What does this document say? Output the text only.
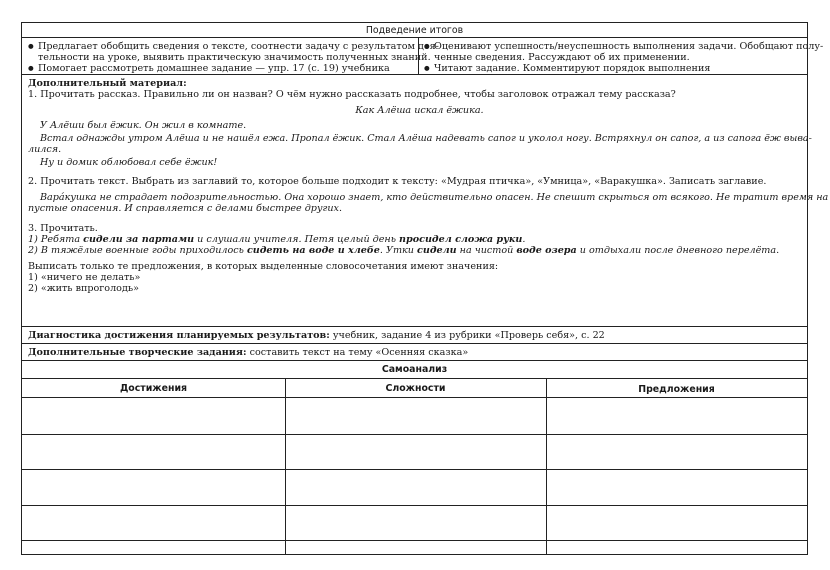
Подведение итогов
● Предлагает обобщить сведения о тексте, соотнести задачу с результатом дея-
тельности на уроке, выявить практическую значимость полученных знаний.
● Помогает рассмотреть домашнее задание — упр. 17 (с. 19) учебника
● Оценивают успешность/неуспешность выполнения задачи. Обобщают полу-
ченные сведения. Рассуждают об их применении.
● Читают задание. Комментируют порядок выполнения
Дополнительный материал:
1. Прочитать рассказ. Правильно ли он назван? О чём нужно рассказать подробнее, чтобы заголовок отражал тему рассказа?
Как Алёша искал ёжика.
У Алёши был ёжик. Он жил в комнате.
Встал однажды утром Алёша и не нашёл ежа. Пропал ёжик. Стал Алёша надевать сапог и уколол ногу. Встряхнул он сапог, а из сапога ёж выва-
лился.
Ну и домик облюбовал себе ёжик!
2. Прочитать текст. Выбрать из заглавий то, которое больше подходит к тексту: «Мудрая птичка», «Умница», «Варакушка». Записать заглавие.
Варáкушка не страдает подозрительностью. Она хорошо знает, кто действительно опасен. Не спешит скрыться от всякого. Не тратит время на
пустые опасения. И справляется с делами быстрее других.
3. Прочитать.
1) Ребята сидели за партами и слушали учителя. Петя целый день просидел сложа руки.
2) В тяжёлые военные годы приходилось сидеть на воде и хлебе. Утки сидели на чистой воде озера и отдыхали после дневного перелёта.
Выписать только те предложения, в которых выделенные словосочетания имеют значения:
1) «ничего не делать»
2) «жить впроголодь»
Диагностика достижения планируемых результатов: учебник, задание 4 из рубрики «Проверь себя», с. 22
Дополнительные творческие задания: составить текст на тему «Осенняя сказка»
Самоанализ
Достижения	Сложности	Предложения
